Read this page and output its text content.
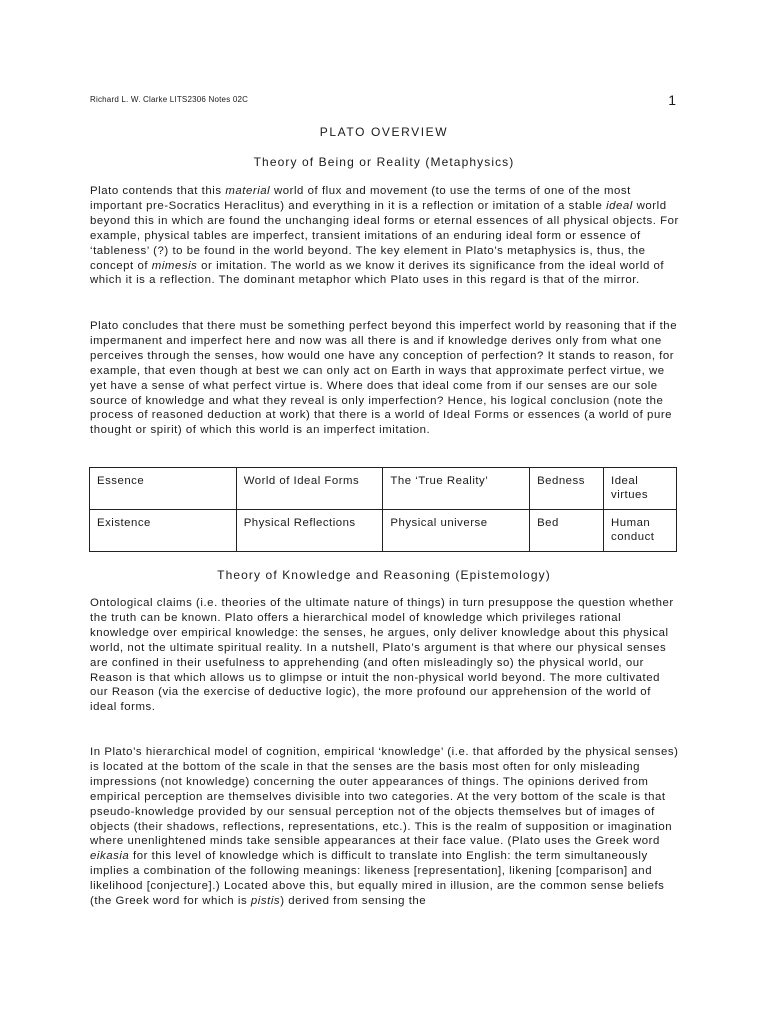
Richard L. W. Clarke LITS2306 Notes 02C	1
PLATO OVERVIEW
Theory of Being or Reality (Metaphysics)

Plato contends that this material world of flux and movement (to use the terms of one of the most important pre-Socratics Heraclitus) and everything in it is a reflection or imitation of a stable ideal world beyond this in which are found the unchanging ideal forms or eternal essences of all physical objects. For example, physical tables are imperfect, transient imitations of an enduring ideal form or essence of ‘tableness’ (?) to be found in the world beyond. The key element in Plato’s metaphysics is, thus, the concept of mimesis or imitation. The world as we know it derives its significance from the ideal world of which it is a reflection. The dominant metaphor which Plato uses in this regard is that of the mirror.

Plato concludes that there must be something perfect beyond this imperfect world by reasoning that if the impermanent and imperfect here and now was all there is and if knowledge derives only from what one perceives through the senses, how would one have any conception of perfection? It stands to reason, for example, that even though at best we can only act on Earth in ways that approximate perfect virtue, we yet have a sense of what perfect virtue is. Where does that ideal come from if our senses are our sole source of knowledge and what they reveal is only imperfection? Hence, his logical conclusion (note the process of reasoned deduction at work) that there is a world of Ideal Forms or essences (a world of pure thought or spirit) of which this world is an imperfect imitation.

Essence	World of Ideal Forms	The ‘True Reality’	Bedness	Ideal virtues
Existence	Physical Reflections	Physical universe	Bed	Human conduct
Theory of Knowledge and Reasoning (Epistemology)

Ontological claims (i.e. theories of the ultimate nature of things) in turn presuppose the question whether the truth can be known. Plato offers a hierarchical model of knowledge which privileges rational knowledge over empirical knowledge: the senses, he argues, only deliver knowledge about this physical world, not the ultimate spiritual reality. In a nutshell, Plato’s argument is that where our physical senses are confined in their usefulness to apprehending (and often misleadingly so) the physical world, our Reason is that which allows us to glimpse or intuit the non-physical world beyond. The more cultivated our Reason (via the exercise of deductive logic), the more profound our apprehension of the world of ideal forms.

In Plato’s hierarchical model of cognition, empirical ‘knowledge’ (i.e. that afforded by the physical senses) is located at the bottom of the scale in that the senses are the basis most often for only misleading impressions (not knowledge) concerning the outer appearances of things. The opinions derived from empirical perception are themselves divisible into two categories. At the very bottom of the scale is that pseudo-knowledge provided by our sensual perception not of the objects themselves but of images of objects (their shadows, reflections, representations, etc.). This is the realm of supposition or imagination where unenlightened minds take sensible appearances at their face value. (Plato uses the Greek word eikasia for this level of knowledge which is difficult to translate into English: the term simultaneously implies a combination of the following meanings: likeness [representation], likening [comparison] and likelihood [conjecture].) Located above this, but equally mired in illusion, are the common sense beliefs (the Greek word for which is pistis) derived from sensing the
